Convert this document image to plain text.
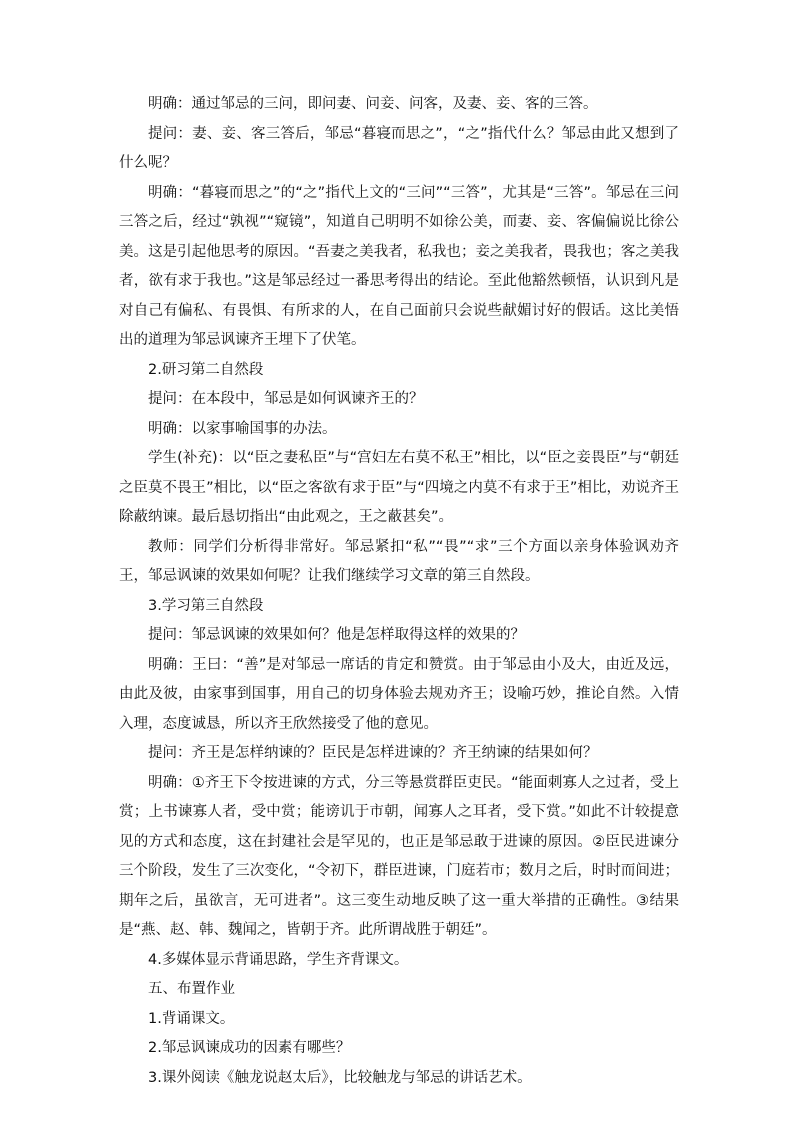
明确：通过邹忌的三问，即问妻、问妾、问客，及妻、妾、客的三答。

提问：妻、妾、客三答后，邹忌“暮寝而思之”，“之”指代什么？邹忌由此又想到了什么呢？

明确：“暮寝而思之”的“之”指代上文的“三问”“三答”，尤其是“三答”。邹忌在三问三答之后，经过“孰视”“窥镜”，知道自己明明不如徐公美，而妻、妾、客偏偏说比徐公美。这是引起他思考的原因。“吾妻之美我者，私我也；妾之美我者，畏我也；客之美我者，欲有求于我也。”这是邹忌经过一番思考得出的结论。至此他豁然顿悟，认识到凡是对自己有偏私、有畏惧、有所求的人，在自己面前只会说些献媚讨好的假话。这比美悟出的道理为邹忌讽谏齐王埋下了伏笔。

2.研习第二自然段

提问：在本段中，邹忌是如何讽谏齐王的？

明确：以家事喻国事的办法。

学生(补充)：以“臣之妻私臣”与“宫妇左右莫不私王”相比，以“臣之妾畏臣”与“朝廷之臣莫不畏王”相比，以“臣之客欲有求于臣”与“四境之内莫不有求于王”相比，劝说齐王除蔽纳谏。最后恳切指出“由此观之，王之蔽甚矣”。

教师：同学们分析得非常好。邹忌紧扣“私”“畏”“求”三个方面以亲身体验讽劝齐王，邹忌讽谏的效果如何呢？让我们继续学习文章的第三自然段。

3.学习第三自然段

提问：邹忌讽谏的效果如何？他是怎样取得这样的效果的？

明确：王曰：“善”是对邹忌一席话的肯定和赞赏。由于邹忌由小及大，由近及远，由此及彼，由家事到国事，用自己的切身体验去规劝齐王；设喻巧妙，推论自然。入情入理，态度诚恳，所以齐王欣然接受了他的意见。

提问：齐王是怎样纳谏的？臣民是怎样进谏的？齐王纳谏的结果如何？

明确：①齐王下令按进谏的方式，分三等悬赏群臣吏民。“能面刺寡人之过者，受上赏；上书谏寡人者，受中赏；能谤讥于市朝，闻寡人之耳者，受下赏。”如此不计较提意见的方式和态度，这在封建社会是罕见的，也正是邹忌敢于进谏的原因。②臣民进谏分三个阶段，发生了三次变化，“令初下，群臣进谏，门庭若市；数月之后，时时而间进；期年之后，虽欲言，无可进者”。这三变生动地反映了这一重大举措的正确性。③结果是“燕、赵、韩、魏闻之，皆朝于齐。此所谓战胜于朝廷”。

4.多媒体显示背诵思路，学生齐背课文。

五、布置作业

1.背诵课文。

2.邹忌讽谏成功的因素有哪些？

3.课外阅读《触龙说赵太后》，比较触龙与邹忌的讲话艺术。
